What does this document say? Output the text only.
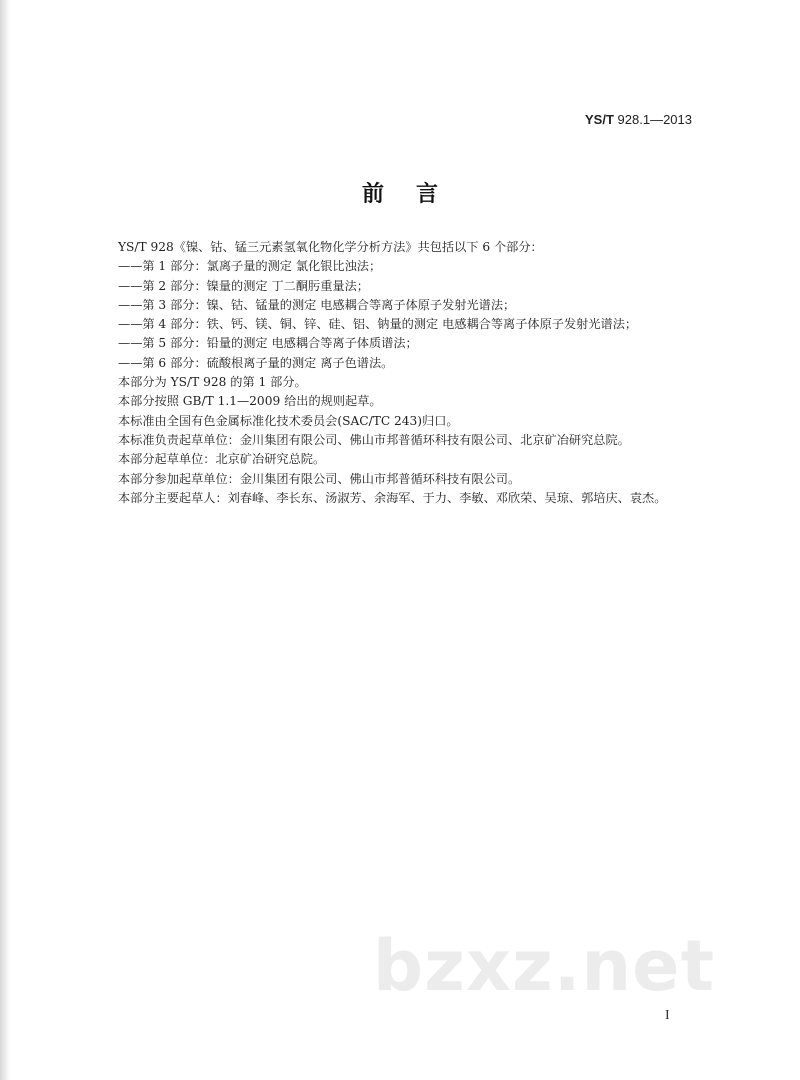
YS/T 928.1—2013
前言
YS/T 928《镍、钴、锰三元素氢氧化物化学分析方法》共包括以下 6 个部分：
——第 1 部分：氯离子量的测定 氯化银比浊法；
——第 2 部分：镍量的测定 丁二酮肟重量法；
——第 3 部分：镍、钴、锰量的测定 电感耦合等离子体原子发射光谱法；
——第 4 部分：铁、钙、镁、铜、锌、硅、铝、钠量的测定 电感耦合等离子体原子发射光谱法；
——第 5 部分：铅量的测定 电感耦合等离子体质谱法；
——第 6 部分：硫酸根离子量的测定 离子色谱法。
本部分为 YS/T 928 的第 1 部分。
本部分按照 GB/T 1.1—2009 给出的规则起草。
本标准由全国有色金属标准化技术委员会(SAC/TC 243)归口。
本标准负责起草单位：金川集团有限公司、佛山市邦普循环科技有限公司、北京矿冶研究总院。
本部分起草单位：北京矿冶研究总院。
本部分参加起草单位：金川集团有限公司、佛山市邦普循环科技有限公司。
本部分主要起草人：刘春峰、李长东、汤淑芳、余海军、于力、李敏、邓欣荣、吴琼、郭培庆、袁杰。
bzxz.net
I
